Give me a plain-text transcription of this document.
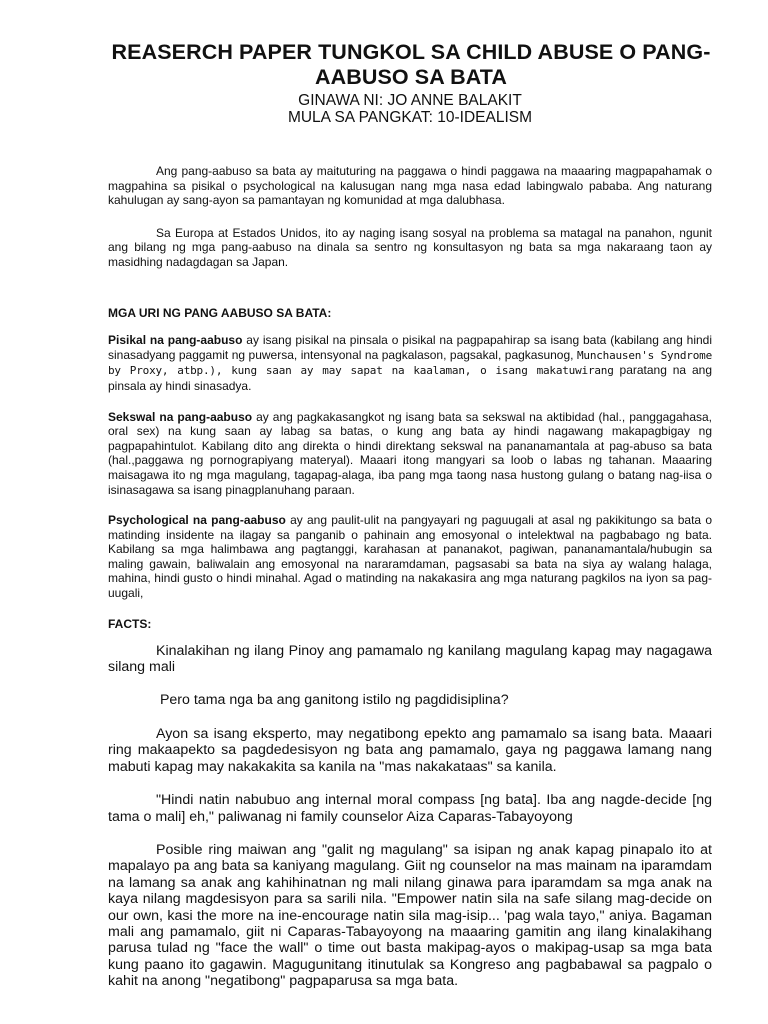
REASERCH PAPER TUNGKOL SA CHILD ABUSE O PANG-AABUSO SA BATA
GINAWA NI: JO ANNE BALAKIT
MULA SA PANGKAT: 10-IDEALISM

Ang pang-aabuso sa bata ay maituturing na paggawa o hindi paggawa na maaaring magpapahamak o magpahina sa pisikal o psychological na kalusugan nang mga nasa edad labingwalo pababa. Ang naturang kahulugan ay sang-ayon sa pamantayan ng komunidad at mga dalubhasa.

Sa Europa at Estados Unidos, ito ay naging isang sosyal na problema sa matagal na panahon, ngunit ang bilang ng mga pang-aabuso na dinala sa sentro ng konsultasyon ng bata sa mga nakaraang taon ay masidhing nadagdagan sa Japan.

MGA URI NG PANG AABUSO SA BATA:

Pisikal na pang-aabuso ay isang pisikal na pinsala o pisikal na pagpapahirap sa isang bata (kabilang ang hindi sinasadyang paggamit ng puwersa, intensyonal na pagkalason, pagsakal, pagkasunog, Munchausen's Syndrome by Proxy, atbp.), kung saan ay may sapat na kaalaman, o isang makatuwirang paratang na ang pinsala ay hindi sinasadya.

Sekswal na pang-aabuso ay ang pagkakasangkot ng isang bata sa sekswal na aktibidad (hal., panggagahasa, oral sex) na kung saan ay labag sa batas, o kung ang bata ay hindi nagawang makapagbigay ng pagpapahintulot. Kabilang dito ang direkta o hindi direktang sekswal na pananamantala at pag-abuso sa bata (hal.,paggawa ng pornograpiyang materyal). Maaari itong mangyari sa loob o labas ng tahanan. Maaaring maisagawa ito ng mga magulang, tagapag-alaga, iba pang mga taong nasa hustong gulang o batang nag-iisa o isinasagawa sa isang pinagplanuhang paraan.

Psychological na pang-aabuso ay ang paulit-ulit na pangyayari ng paguugali at asal ng pakikitungo sa bata o matinding insidente na ilagay sa panganib o pahinain ang emosyonal o intelektwal na pagbabago ng bata. Kabilang sa mga halimbawa ang pagtanggi, karahasan at pananakot, pagiwan, pananamantala/hubugin sa maling gawain, baliwalain ang emosyonal na nararamdaman, pagsasabi sa bata na siya ay walang halaga, mahina, hindi gusto o hindi minahal. Agad o matinding na nakakasira ang mga naturang pagkilos na iyon sa pag-uugali,

FACTS:

Kinalakihan ng ilang Pinoy ang pamamalo ng kanilang magulang kapag may nagagawa silang mali

Pero tama nga ba ang ganitong istilo ng pagdidisiplina?

Ayon sa isang eksperto, may negatibong epekto ang pamamalo sa isang bata. Maaari ring makaapekto sa pagdedesisyon ng bata ang pamamalo, gaya ng paggawa lamang nang mabuti kapag may nakakakita sa kanila na "mas nakakataas" sa kanila.

"Hindi natin nabubuo ang internal moral compass [ng bata]. Iba ang nagde-decide [ng tama o mali] eh," paliwanag ni family counselor Aiza Caparas-Tabayoyong

Posible ring maiwan ang "galit ng magulang" sa isipan ng anak kapag pinapalo ito at mapalayo pa ang bata sa kaniyang magulang. Giit ng counselor na mas mainam na iparamdam na lamang sa anak ang kahihinatnan ng mali nilang ginawa para iparamdam sa mga anak na kaya nilang magdesisyon para sa sarili nila. "Empower natin sila na safe silang mag-decide on our own, kasi the more na ine-encourage natin sila mag-isip... 'pag wala tayo," aniya. Bagaman mali ang pamamalo, giit ni Caparas-Tabayoyong na maaaring gamitin ang ilang kinalakihang parusa tulad ng "face the wall" o time out basta makipag-ayos o makipag-usap sa mga bata kung paano ito gagawin. Magugunitang itinutulak sa Kongreso ang pagbabawal sa pagpalo o kahit na anong "negatibong" pagpaparusa sa mga bata.
